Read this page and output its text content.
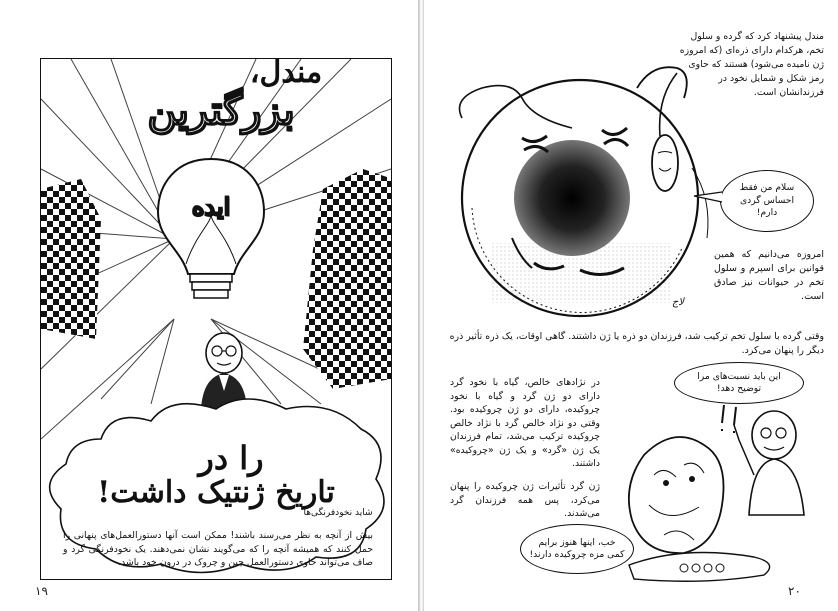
ایده
مندل،
بزرگترین
را در
تاریخ ژنتیک داشت!
شاید نخودفرنگی‌ها
بیش از آنچه به نظر می‌رسند باشند! ممکن است آنها دستورالعمل‌های پنهانی را حمل کنند که همیشه آنچه را که می‌گویند نشان نمی‌دهند. یک نخودفرنگی گرد و صاف می‌تواند حاوی دستورالعمل چین و چروک در درون خود باشد.
۱۹
مندل پیشنهاد کرد که گرده و سلول تخم، هرکدام دارای ذره‌ای (که امروزه ژن نامیده می‌شود) هستند که حاوی رمز شکل و شمایل نخود در فرزندانشان است.
لاج
سلام من فقط احساس گردی دارم!
امروزه می‌دانیم که همین قوانین برای اسپرم و سلول تخم در حیوانات نیز صادق است.
وقتی گرده با سلول تخم ترکیب شد، فرزندان دو ذره یا ژن داشتند. گاهی اوقات، یک ذره تأثیر ذره دیگر را پنهان می‌کرد.
در نژادهای خالص، گیاه با نخود گرد دارای دو ژن گرد و گیاه با نخود چروکیده، دارای دو ژن چروکیده بود. وقتی دو نژاد خالص گرد با نژاد خالص چروکیده ترکیب می‌شد، تمام فرزندان یک ژن «گرد» و یک ژن «چروکیده» داشتند.
ژن گرد تأثیرات ژن چروکیده را پنهان می‌کرد، پس همه فرزندان گرد می‌شدند.
این باید نسبت‌های مرا توضیح دهد!
خب، اینها هنوز برایم کمی مزه چروکیده دارند!
۲۰
